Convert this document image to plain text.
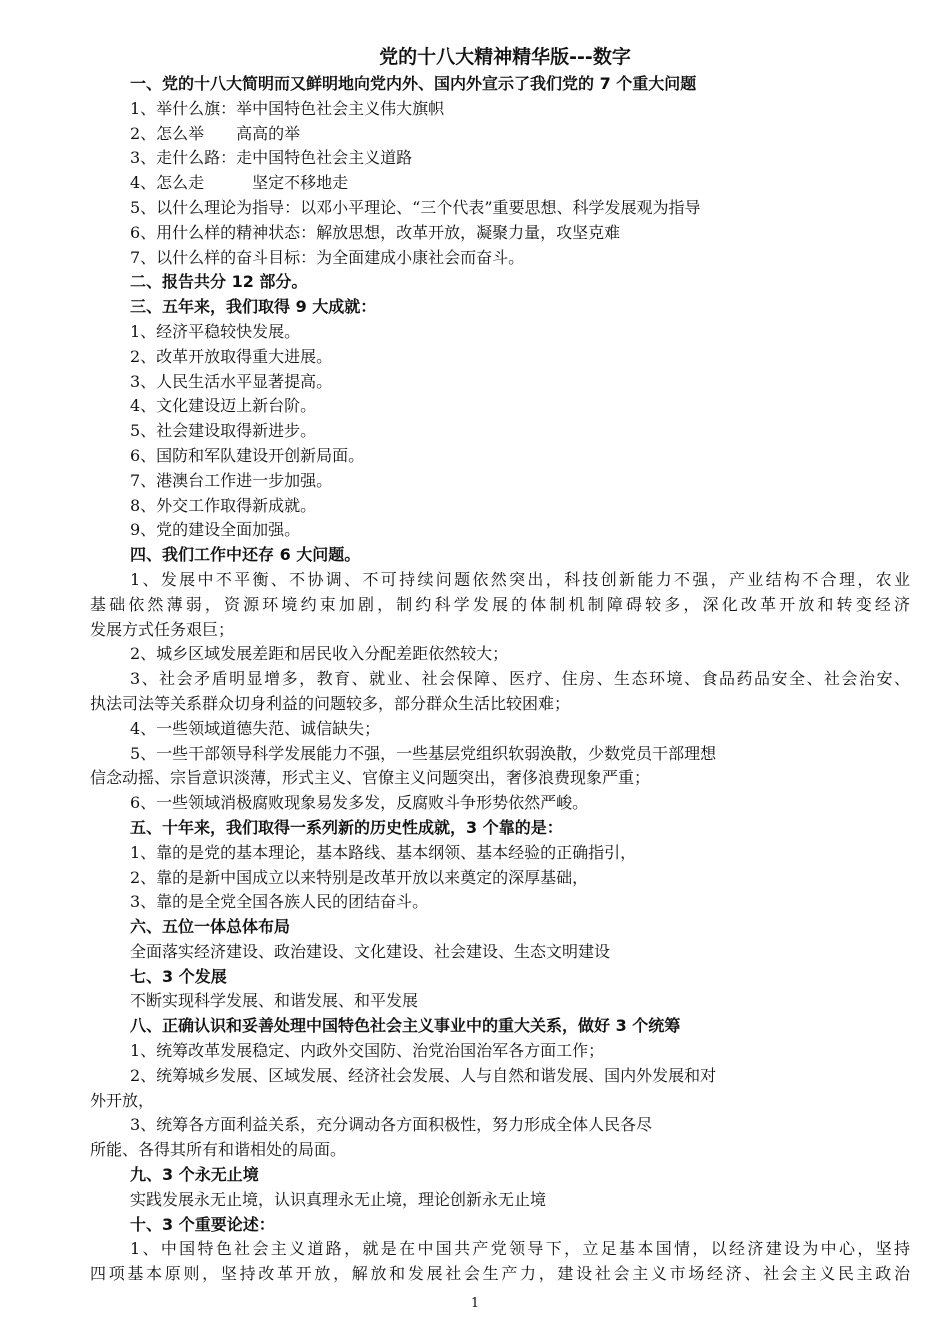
党的十八大精神精华版---数字
一、党的十八大简明而又鲜明地向党内外、国内外宣示了我们党的 7 个重大问题
1、举什么旗：举中国特色社会主义伟大旗帜
2、怎么举　　高高的举
3、走什么路：走中国特色社会主义道路
4、怎么走　　　坚定不移地走
5、以什么理论为指导：以邓小平理论、“三个代表”重要思想、科学发展观为指导
6、用什么样的精神状态：解放思想，改革开放，凝聚力量，攻坚克难
7、以什么样的奋斗目标：为全面建成小康社会而奋斗。
二、报告共分 12 部分。
三、五年来，我们取得 9 大成就：
1、经济平稳较快发展。
2、改革开放取得重大进展。
3、人民生活水平显著提高。
4、文化建设迈上新台阶。
5、社会建设取得新进步。
6、国防和军队建设开创新局面。
7、港澳台工作进一步加强。
8、外交工作取得新成就。
9、党的建设全面加强。
四、我们工作中还存 6 大问题。
1、发展中不平衡、不协调、不可持续问题依然突出，科技创新能力不强，产业结构不合理，农业
基础依然薄弱，资源环境约束加剧，制约科学发展的体制机制障碍较多，深化改革开放和转变经济
发展方式任务艰巨；
2、城乡区域发展差距和居民收入分配差距依然较大；
3、社会矛盾明显增多，教育、就业、社会保障、医疗、住房、生态环境、食品药品安全、社会治安、
执法司法等关系群众切身利益的问题较多，部分群众生活比较困难；
4、一些领域道德失范、诚信缺失；
5、一些干部领导科学发展能力不强，一些基层党组织软弱涣散，少数党员干部理想
信念动摇、宗旨意识淡薄，形式主义、官僚主义问题突出，奢侈浪费现象严重；
6、一些领域消极腐败现象易发多发，反腐败斗争形势依然严峻。
五、十年来，我们取得一系列新的历史性成就，3 个靠的是：
1、靠的是党的基本理论，基本路线、基本纲领、基本经验的正确指引，
2、靠的是新中国成立以来特别是改革开放以来奠定的深厚基础，
3、靠的是全党全国各族人民的团结奋斗。
六、五位一体总体布局
全面落实经济建设、政治建设、文化建设、社会建设、生态文明建设
七、3 个发展
不断实现科学发展、和谐发展、和平发展
八、正确认识和妥善处理中国特色社会主义事业中的重大关系，做好 3 个统筹
1、统筹改革发展稳定、内政外交国防、治党治国治军各方面工作；
2、统筹城乡发展、区域发展、经济社会发展、人与自然和谐发展、国内外发展和对
外开放，
3、统筹各方面利益关系，充分调动各方面积极性，努力形成全体人民各尽
所能、各得其所有和谐相处的局面。
九、3 个永无止境
实践发展永无止境，认识真理永无止境，理论创新永无止境
十、3 个重要论述：
1、中国特色社会主义道路，就是在中国共产党领导下，立足基本国情，以经济建设为中心，坚持
四项基本原则，坚持改革开放，解放和发展社会生产力，建设社会主义市场经济、社会主义民主政治
1
